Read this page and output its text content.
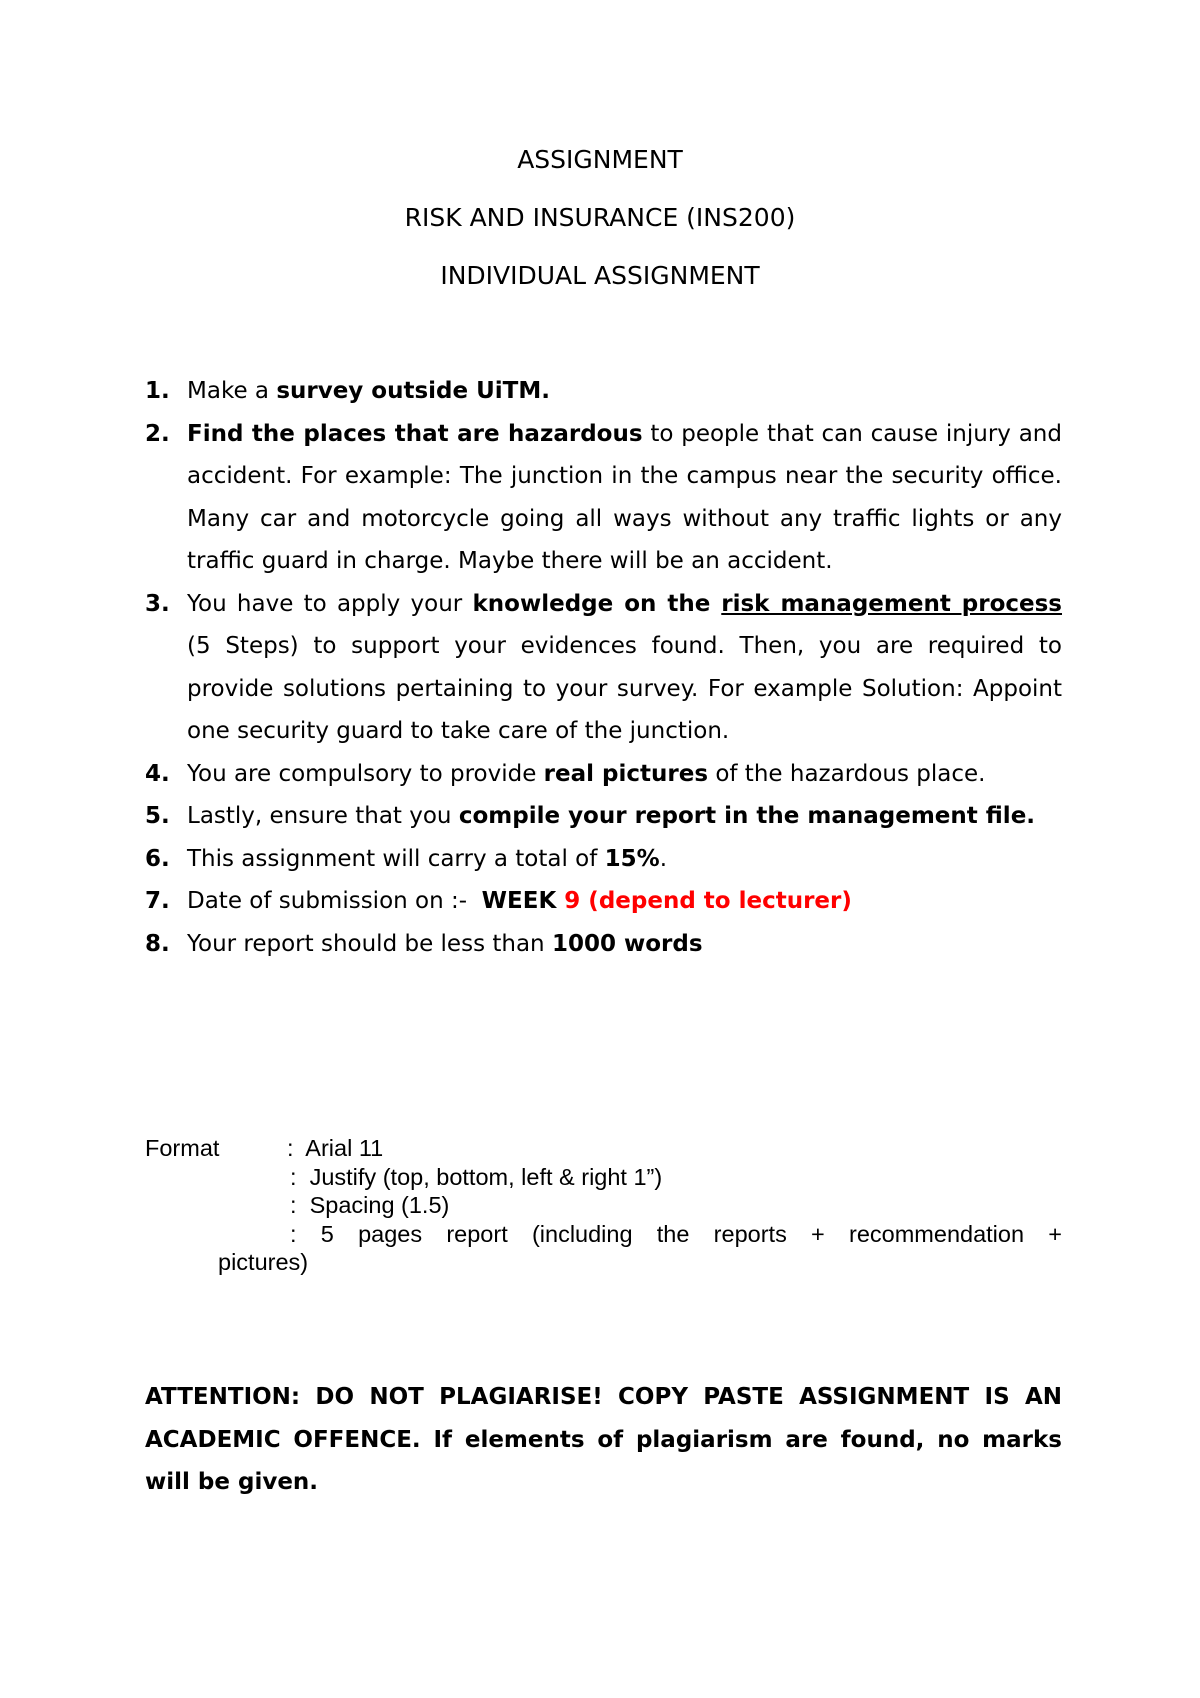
ASSIGNMENT
RISK AND INSURANCE (INS200)
INDIVIDUAL ASSIGNMENT
1. Make a survey outside UiTM.
2. Find the places that are hazardous to people that can cause injury and accident. For example: The junction in the campus near the security office. Many car and motorcycle going all ways without any traffic lights or any traffic guard in charge. Maybe there will be an accident.
3. You have to apply your knowledge on the risk management process (5 Steps) to support your evidences found. Then, you are required to provide solutions pertaining to your survey. For example Solution: Appoint one security guard to take care of the junction.
4. You are compulsory to provide real pictures of the hazardous place.
5. Lastly, ensure that you compile your report in the management file.
6. This assignment will carry a total of 15%.
7. Date of submission on :-  WEEK 9 (depend to lecturer)
8. Your report should be less than 1000 words
Format	:  Arial 11
:  Justify (top, bottom, left & right 1”)
:  Spacing (1.5)
: 5 pages report (including the reports + recommendation +
pictures)
ATTENTION: DO NOT PLAGIARISE! COPY PASTE ASSIGNMENT IS AN ACADEMIC OFFENCE. If elements of plagiarism are found, no marks will be given.
